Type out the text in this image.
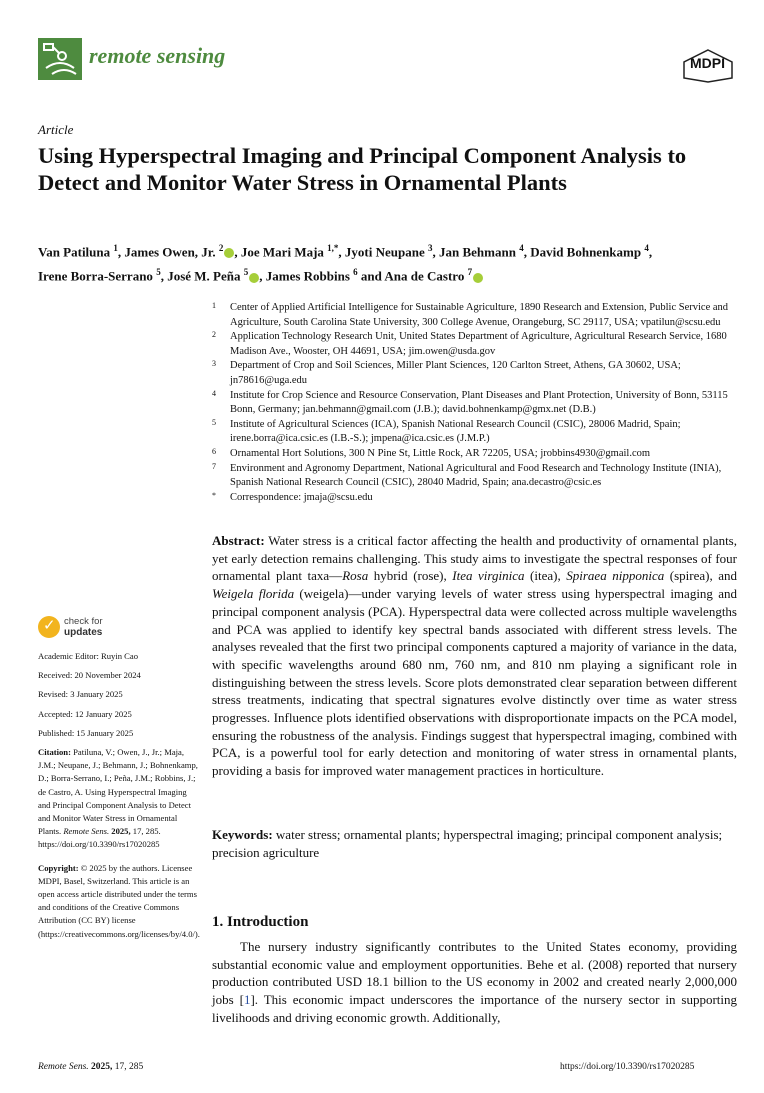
remote sensing	MDPI
Article
Using Hyperspectral Imaging and Principal Component Analysis to Detect and Monitor Water Stress in Ornamental Plants
Van Patiluna $^1$, James Owen, Jr. $^2$ , Joe Mari Maja $^{1,*}$, Jyoti Neupane $^3$, Jan Behmann $^4$, David Bohnenkamp $^4$,
Irene Borra-Serrano $^5$, José M. Peña $^5$ , James Robbins $^6$ and Ana de Castro $^7$
1 Center of Applied Artificial Intelligence for Sustainable Agriculture, 1890 Research and Extension, Public Service and Agriculture, South Carolina State University, 300 College Avenue, Orangeburg, SC 29117, USA; vpatilun@scsu.edu
2 Application Technology Research Unit, United States Department of Agriculture, Agricultural Research Service, 1680 Madison Ave., Wooster, OH 44691, USA; jim.owen@usda.gov
3 Department of Crop and Soil Sciences, Miller Plant Sciences, 120 Carlton Street, Athens, GA 30602, USA; jn78616@uga.edu
4 Institute for Crop Science and Resource Conservation, Plant Diseases and Plant Protection, University of Bonn, 53115 Bonn, Germany; jan.behmann@gmail.com (J.B.); david.bohnenkamp@gmx.net (D.B.)
5 Institute of Agricultural Sciences (ICA), Spanish National Research Council (CSIC), 28006 Madrid, Spain; irene.borra@ica.csic.es (I.B.-S.); jmpena@ica.csic.es (J.M.P.)
6 Ornamental Hort Solutions, 300 N Pine St, Little Rock, AR 72205, USA; jrobbins4930@gmail.com
7 Environment and Agronomy Department, National Agricultural and Food Research and Technology Institute (INIA), Spanish National Research Council (CSIC), 28040 Madrid, Spain; ana.decastro@csic.es
* Correspondence: jmaja@scsu.edu
Abstract: Water stress is a critical factor affecting the health and productivity of ornamental plants, yet early detection remains challenging. This study aims to investigate the spectral responses of four ornamental plant taxa—Rosa hybrid (rose), Itea virginica (itea), Spiraea nipponica (spirea), and Weigela florida (weigela)—under varying levels of water stress using hyperspectral imaging and principal component analysis (PCA). Hyperspectral data were collected across multiple wavelengths and PCA was applied to identify key spectral bands associated with different stress levels. The analyses revealed that the first two principal components captured a majority of variance in the data, with specific wavelengths around 680 nm, 760 nm, and 810 nm playing a significant role in distinguishing between the stress levels. Score plots demonstrated clear separation between different stress treatments, indicating that spectral signatures evolve distinctly over time as water stress progresses. Influence plots identified observations with disproportionate impacts on the PCA model, ensuring the robustness of the analysis. Findings suggest that hyperspectral imaging, combined with PCA, is a powerful tool for early detection and monitoring of water stress in ornamental plants, providing a basis for improved water management practices in horticulture.
Keywords: water stress; ornamental plants; hyperspectral imaging; principal component analysis; precision agriculture
1. Introduction
The nursery industry significantly contributes to the United States economy, providing substantial economic value and employment opportunities. Behe et al. (2008) reported that nursery production contributed USD 18.1 billion to the US economy in 2002 and created nearly 2,000,000 jobs [1]. This economic impact underscores the importance of the nursery sector in supporting livelihoods and driving economic growth. Additionally,
✓ check for
updates

Academic Editor: Ruyin Cao

Received: 20 November 2024

Revised: 3 January 2025

Accepted: 12 January 2025

Published: 15 January 2025

Citation: Patiluna, V.; Owen, J., Jr.; Maja, J.M.; Neupane, J.; Behmann, J.; Bohnenkamp, D.; Borra-Serrano, I.; Peña, J.M.; Robbins, J.; de Castro, A. Using Hyperspectral Imaging and Principal Component Analysis to Detect and Monitor Water Stress in Ornamental Plants. Remote Sens. 2025, 17, 285. https://doi.org/10.3390/rs17020285

Copyright: © 2025 by the authors. Licensee MDPI, Basel, Switzerland. This article is an open access article distributed under the terms and conditions of the Creative Commons Attribution (CC BY) license (https://creativecommons.org/licenses/by/4.0/).

Remote Sens. 2025, 17, 285	https://doi.org/10.3390/rs17020285
